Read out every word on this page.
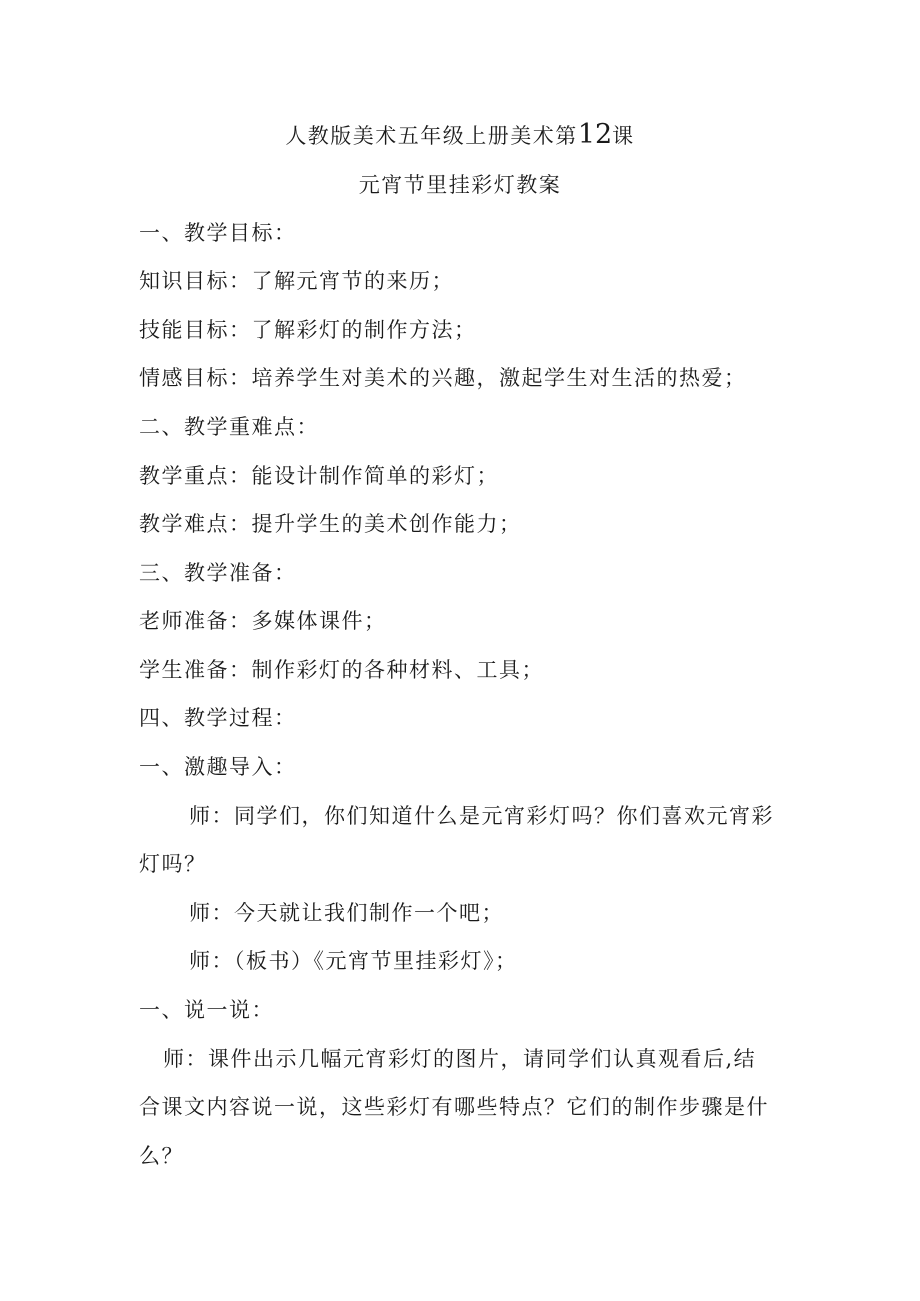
人教版美术五年级上册美术第12课
元宵节里挂彩灯教案
一、教学目标：
知识目标：了解元宵节的来历；
技能目标：了解彩灯的制作方法；
情感目标：培养学生对美术的兴趣，激起学生对生活的热爱；
二、教学重难点：
教学重点：能设计制作简单的彩灯；
教学难点：提升学生的美术创作能力；
三、教学准备：
老师准备：多媒体课件；
学生准备：制作彩灯的各种材料、工具；
四、教学过程：
一、激趣导入：
师：同学们，你们知道什么是元宵彩灯吗？你们喜欢元宵彩
灯吗？
师：今天就让我们制作一个吧；
师：（板书）《元宵节里挂彩灯》；
一、说一说：
师：课件出示几幅元宵彩灯的图片，请同学们认真观看后,结
合课文内容说一说，这些彩灯有哪些特点？它们的制作步骤是什
么？
